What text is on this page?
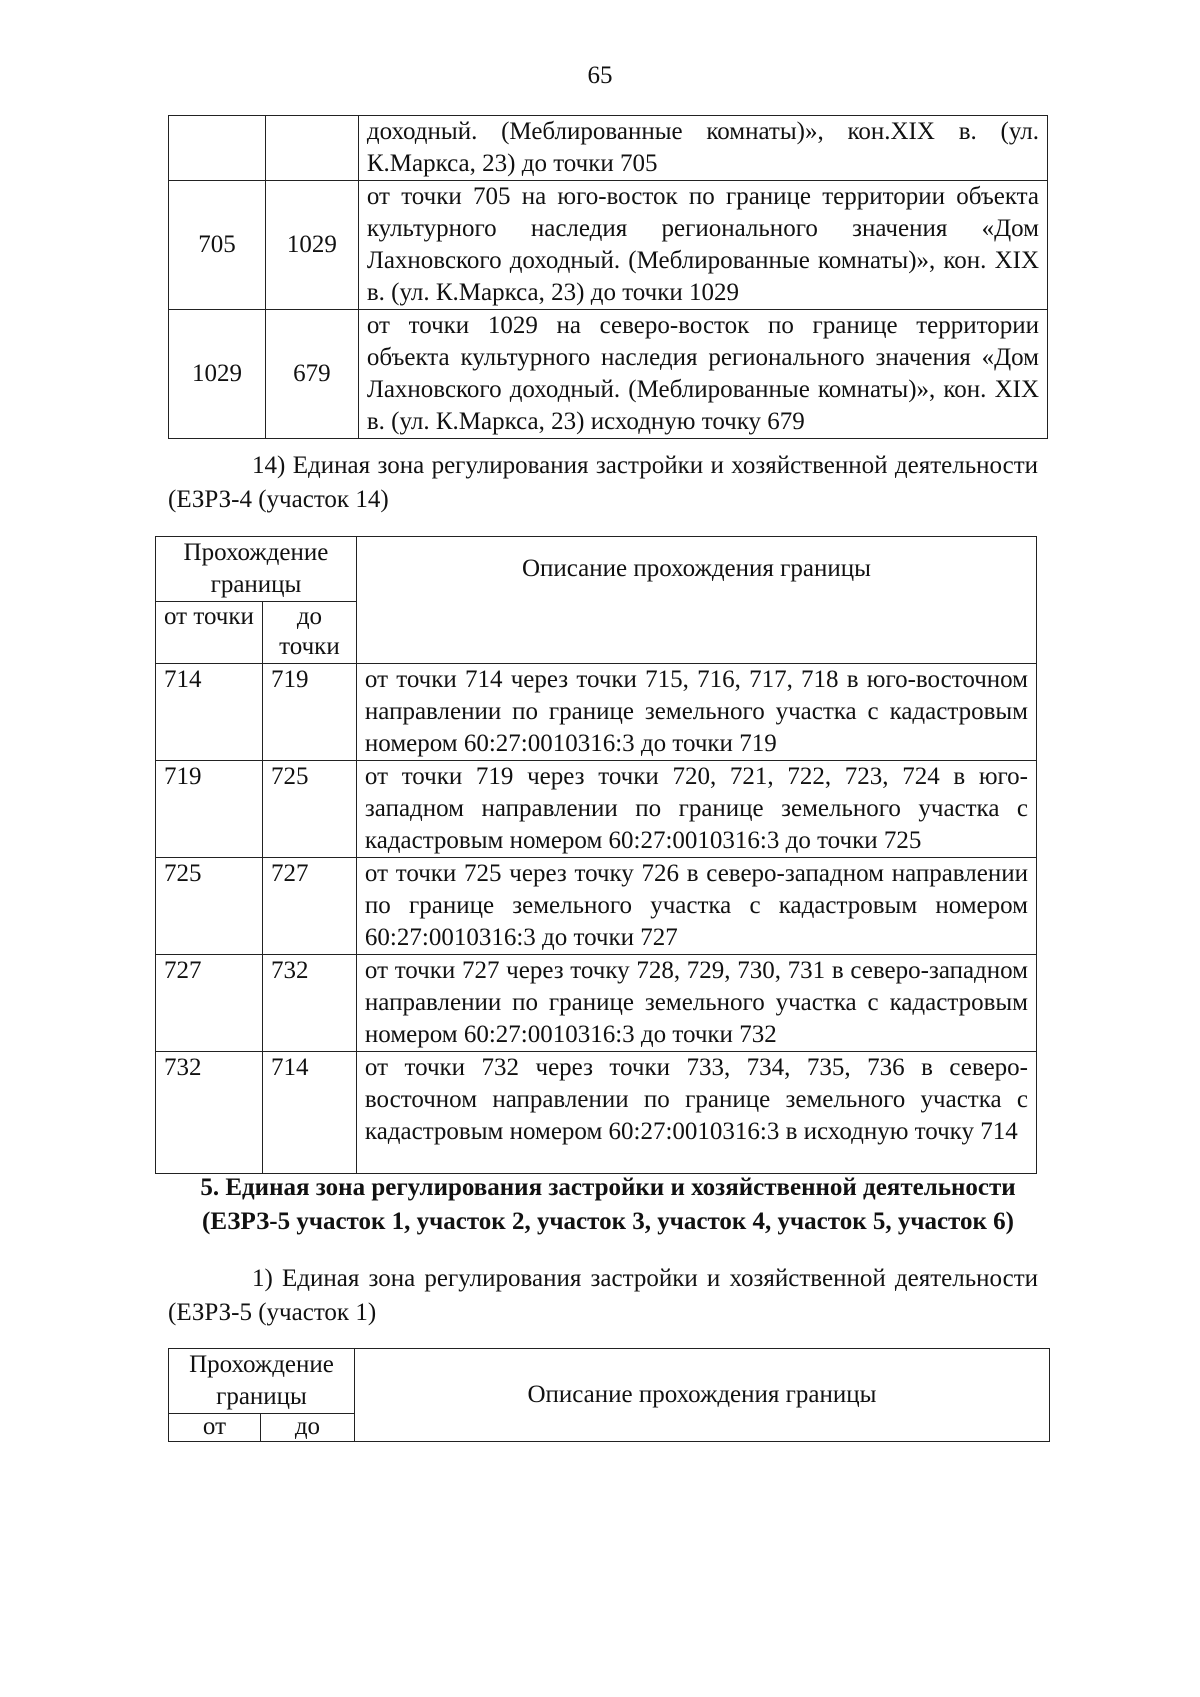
65
		доходный. (Меблированные комнаты)», кон.XIX в. (ул. К.Маркса, 23) до точки 705
705	1029	от точки 705 на юго-восток по границе территории объекта культурного наследия регионального значения «Дом Лахновского доходный. (Меблированные комнаты)», кон. XIX в. (ул. К.Маркса, 23) до точки 1029
1029	679	от точки 1029 на северо-восток по границе территории объекта культурного наследия регионального значения «Дом Лахновского доходный. (Меблированные комнаты)», кон. XIX в. (ул. К.Маркса, 23) исходную точку 679
14) Единая зона регулирования застройки и хозяйственной деятельности (ЕЗРЗ-4 (участок 14)
Прохождение границы		Описание прохождения границы
от точки	до точки	
714	719	от точки 714 через точки 715, 716, 717, 718 в юго-восточном направлении по границе земельного участка с кадастровым номером 60:27:0010316:3 до точки 719
719	725	от точки 719 через точки 720, 721, 722, 723, 724 в юго-западном направлении по границе земельного участка с кадастровым номером 60:27:0010316:3 до точки 725
725	727	от точки 725 через точку 726 в северо-западном направлении по границе земельного участка с кадастровым номером 60:27:0010316:3 до точки 727
727	732	от точки 727 через точку 728, 729, 730, 731 в северо-западном направлении по границе земельного участка с кадастровым номером 60:27:0010316:3 до точки 732
732	714	от точки 732 через точки 733, 734, 735, 736 в северо-восточном направлении по границе земельного участка с кадастровым номером 60:27:0010316:3 в исходную точку 714
5. Единая зона регулирования застройки и хозяйственной деятельности (ЕЗРЗ-5 участок 1, участок 2, участок 3, участок 4, участок 5, участок 6)
1) Единая зона регулирования застройки и хозяйственной деятельности (ЕЗРЗ-5 (участок 1)
Прохождение границы		Описание прохождения границы
от	до	
